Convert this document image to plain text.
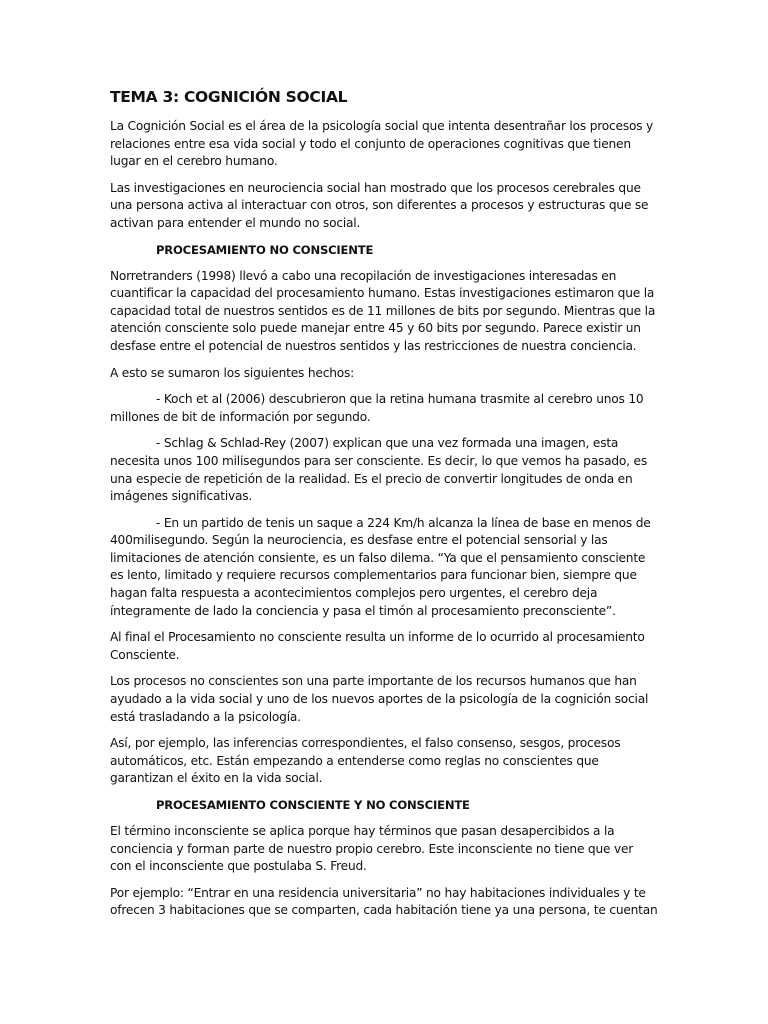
TEMA 3: COGNICIÓN SOCIAL

La Cognición Social es el área de la psicología social que intenta desentrañar los procesos y relaciones entre esa vida social y todo el conjunto de operaciones cognitivas que tienen lugar en el cerebro humano.

Las investigaciones en neurociencia social han mostrado que los procesos cerebrales que una persona activa al interactuar con otros, son diferentes a procesos y estructuras que se activan para entender el mundo no social.

PROCESAMIENTO NO CONSCIENTE

Norretranders (1998) llevó a cabo una recopilación de investigaciones interesadas en cuantificar la capacidad del procesamiento humano. Estas investigaciones estimaron que la capacidad total de nuestros sentidos es de 11 millones de bits por segundo. Mientras que la atención consciente solo puede manejar entre 45 y 60 bits por segundo. Parece existir un desfase entre el potencial de nuestros sentidos y las restricciones de nuestra conciencia.

A esto se sumaron los siguientes hechos:

- Koch et al (2006) descubrieron que la retina humana trasmite al cerebro unos 10 millones de bit de información por segundo.

- Schlag & Schlad-Rey (2007) explican que una vez formada una imagen, esta necesita unos 100 milisegundos para ser consciente. Es decir, lo que vemos ha pasado, es una especie de repetición de la realidad. Es el precio de convertir longitudes de onda en imágenes significativas.

- En un partido de tenis un saque a 224 Km/h alcanza la línea de base en menos de 400milisegundo. Según la neurociencia, es desfase entre el potencial sensorial y las limitaciones de atención consiente, es un falso dilema. “Ya que el pensamiento consciente es lento, limitado y requiere recursos complementarios para funcionar bien, siempre que hagan falta respuesta a acontecimientos complejos pero urgentes, el cerebro deja íntegramente de lado la conciencia y pasa el timón al procesamiento preconsciente”.

Al final el Procesamiento no consciente resulta un informe de lo ocurrido al procesamiento Consciente.

Los procesos no conscientes son una parte importante de los recursos humanos que han ayudado a la vida social y uno de los nuevos aportes de la psicología de la cognición social está trasladando a la psicología.

Así, por ejemplo, las inferencias correspondientes, el falso consenso, sesgos, procesos automáticos, etc. Están empezando a entenderse como reglas no conscientes que garantizan el éxito en la vida social.

PROCESAMIENTO CONSCIENTE Y NO CONSCIENTE

El término inconsciente se aplica porque hay términos que pasan desapercibidos a la conciencia y forman parte de nuestro propio cerebro. Este inconsciente no tiene que ver con el inconsciente que postulaba S. Freud.

Por ejemplo: “Entrar en una residencia universitaria” no hay habitaciones individuales y te ofrecen 3 habitaciones que se comparten, cada habitación tiene ya una persona, te cuentan
